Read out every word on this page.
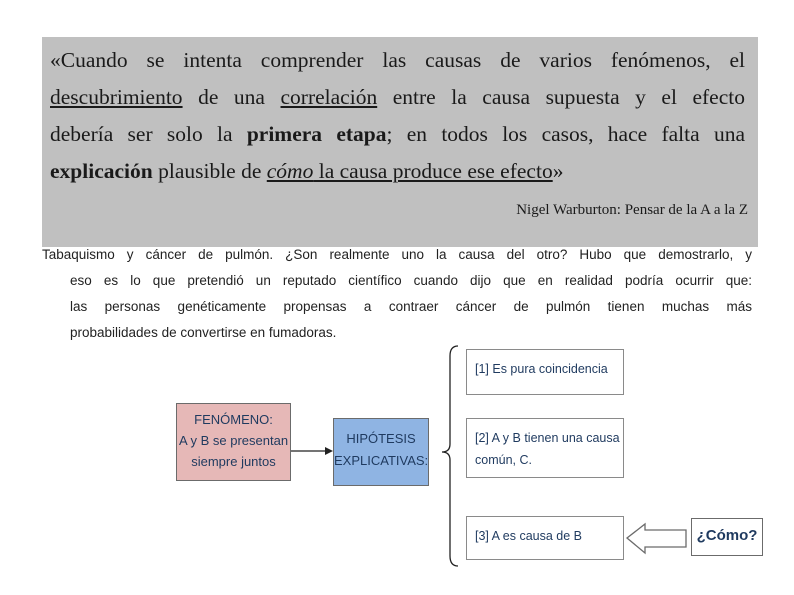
«Cuando se intenta comprender las causas de varios fenómenos, el
descubrimiento de una correlación entre la causa supuesta y el efecto
debería ser solo la primera etapa; en todos los casos, hace falta una

explicación plausible de cómo la causa produce ese efecto»

Nigel Warburton: Pensar de la A a la Z

Tabaquismo y cáncer de pulmón. ¿Son realmente uno la causa del otro? Hubo que demostrarlo, y
eso es lo que pretendió un reputado científico cuando dijo que en realidad podría ocurrir que:
las personas genéticamente propensas a contraer cáncer de pulmón tienen muchas más
probabilidades de convertirse en fumadoras.

FENÓMENO:
A y B se presentan
siempre juntos
HIPÓTESIS
EXPLICATIVAS:
[1] Es pura coincidencia
[2] A y B tienen una causa
común, C.
[3] A es causa de B	¿Cómo?
